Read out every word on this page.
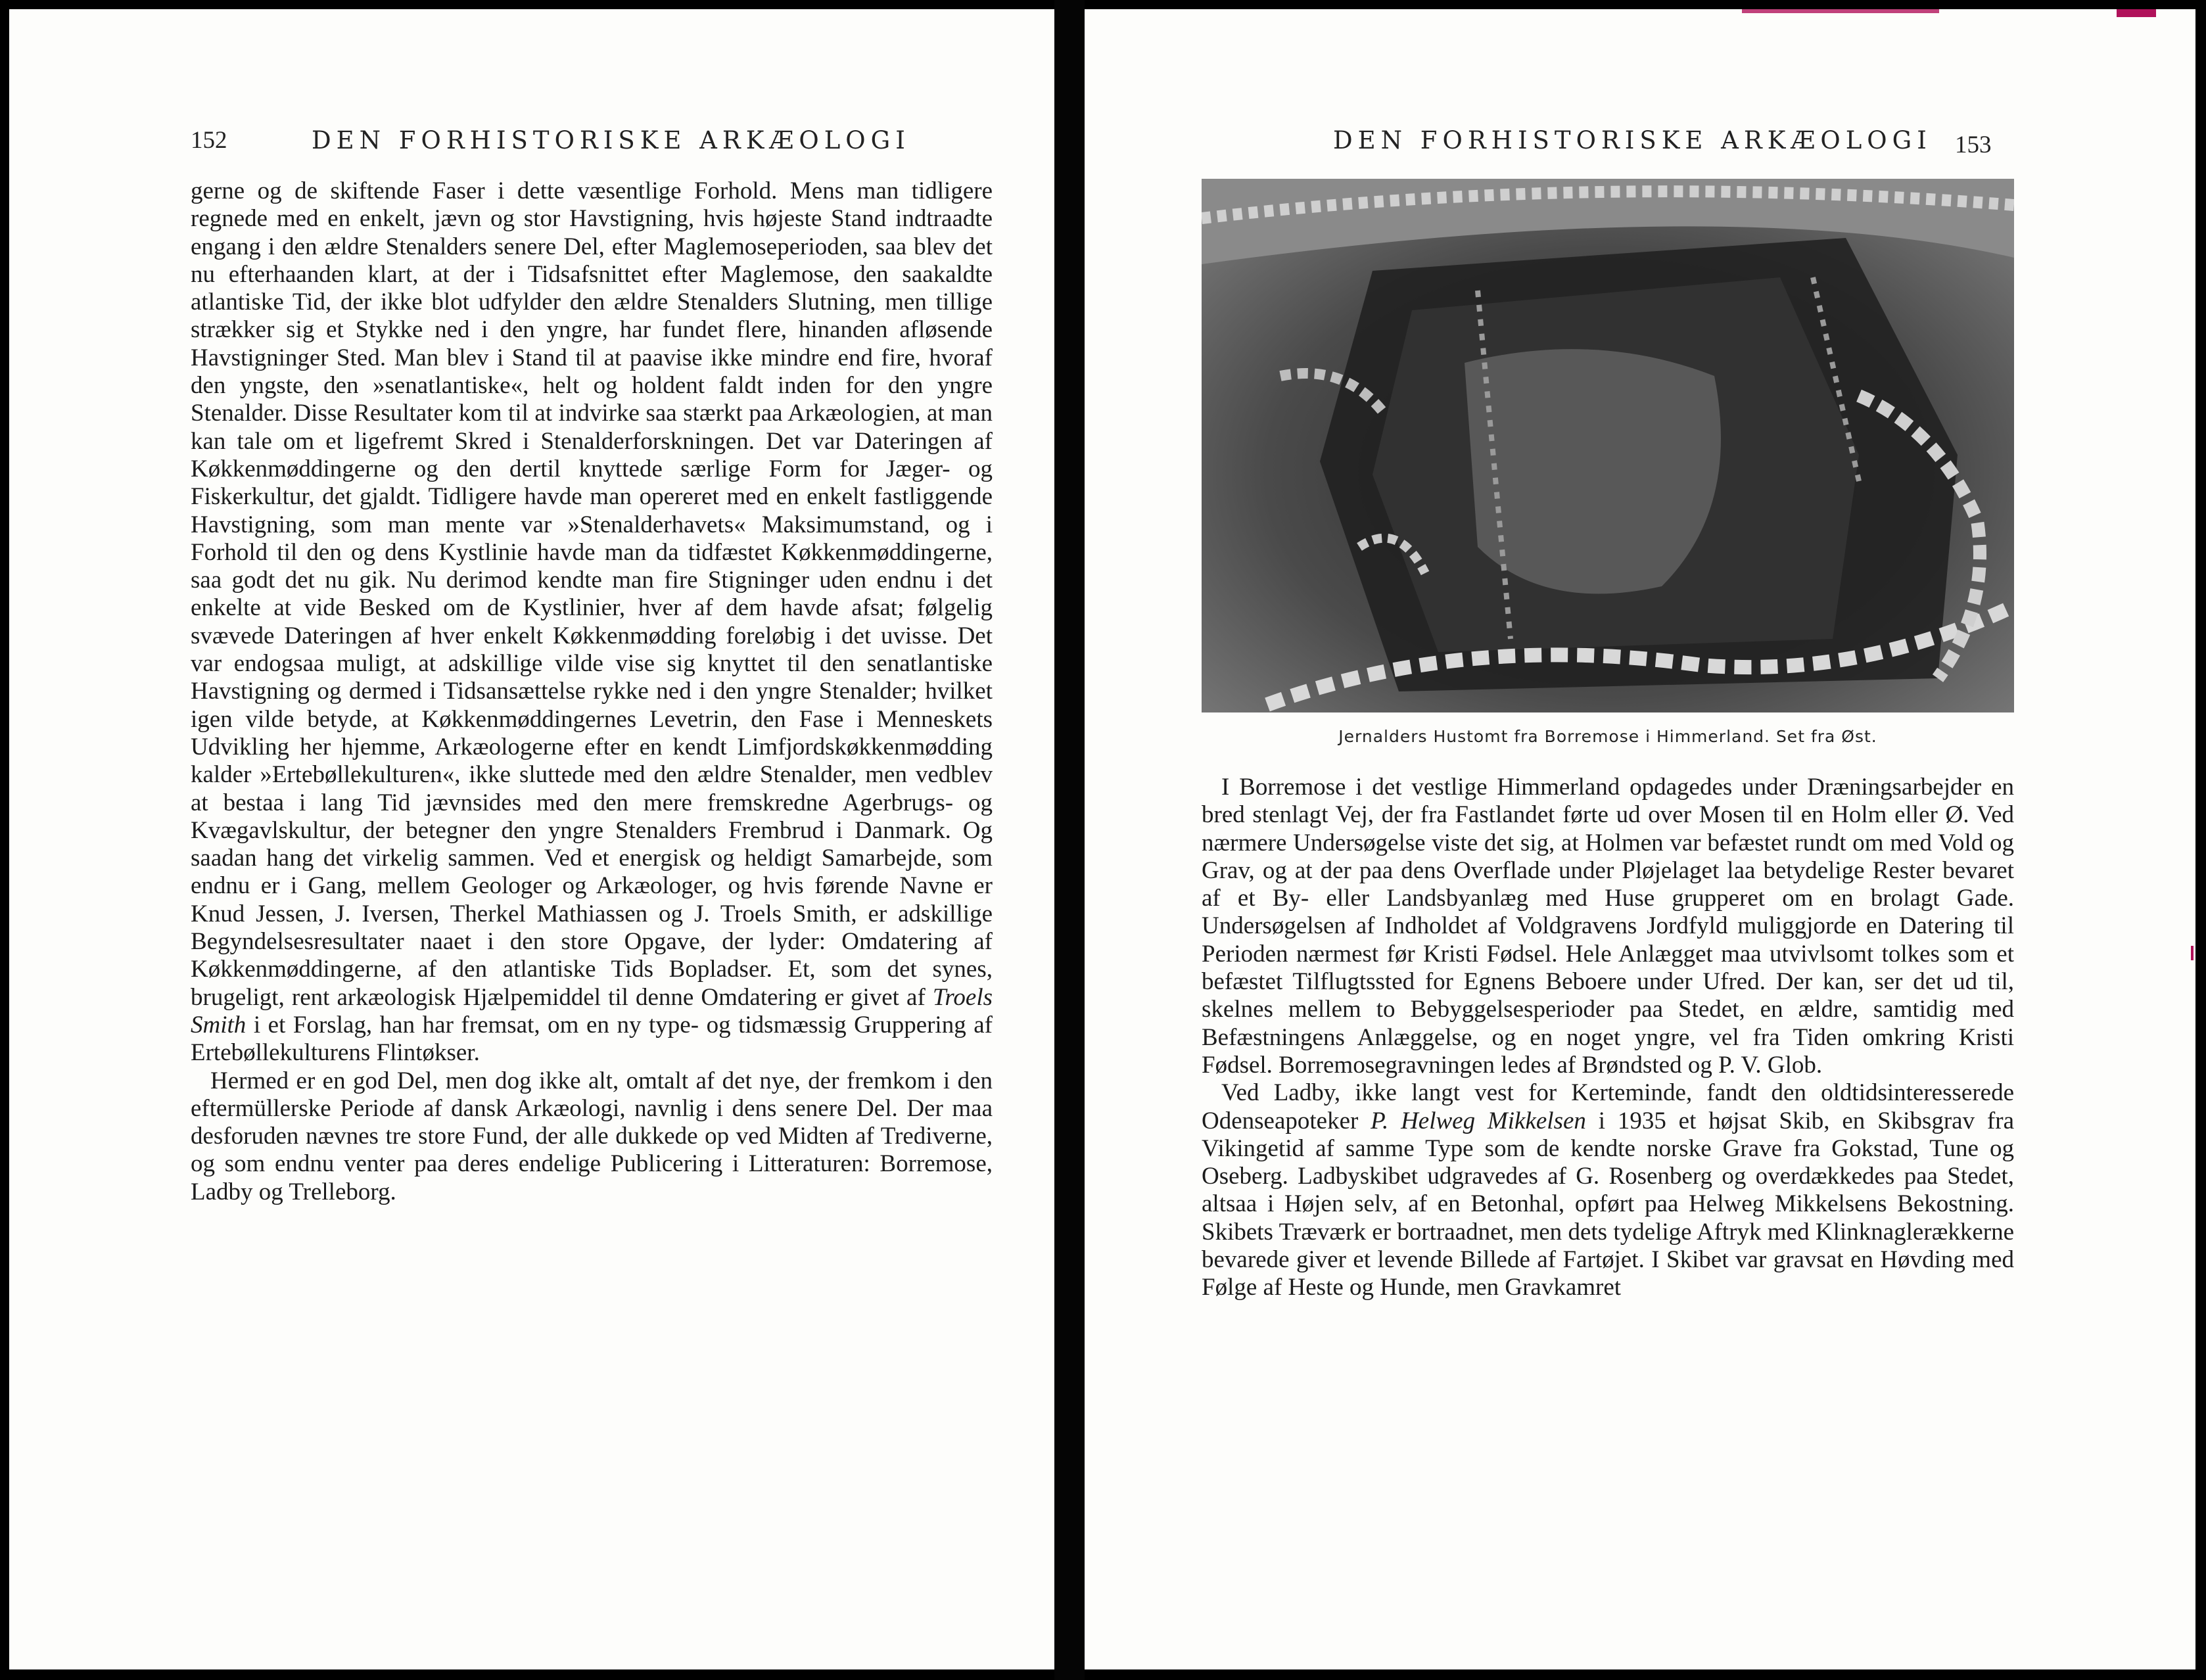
152	DEN FORHISTORISKE ARKÆOLOGI

gerne og de skiftende Faser i dette væsentlige Forhold. Mens man tidligere regnede med en enkelt, jævn og stor Havstigning, hvis højeste Stand indtraadte engang i den ældre Stenalders senere Del, efter Maglemoseperioden, saa blev det nu efterhaanden klart, at der i Tidsafsnittet efter Maglemose, den saakaldte atlantiske Tid, der ikke blot udfylder den ældre Stenalders Slutning, men tillige strækker sig et Stykke ned i den yngre, har fundet flere, hinanden afløsende Havstigninger Sted. Man blev i Stand til at paavise ikke mindre end fire, hvoraf den yngste, den »senatlantiske«, helt og holdent faldt inden for den yngre Stenalder. Disse Resultater kom til at indvirke saa stærkt paa Arkæologien, at man kan tale om et ligefremt Skred i Stenalderforskningen. Det var Dateringen af Køkkenmøddingerne og den dertil knyttede særlige Form for Jæger- og Fiskerkultur, det gjaldt. Tidligere havde man opereret med en enkelt fastliggende Havstigning, som man mente var »Stenalderhavets« Maksimumstand, og i Forhold til den og dens Kystlinie havde man da tidfæstet Køkkenmøddingerne, saa godt det nu gik. Nu derimod kendte man fire Stigninger uden endnu i det enkelte at vide Besked om de Kystlinier, hver af dem havde afsat; følgelig svævede Dateringen af hver enkelt Køkkenmødding foreløbig i det uvisse. Det var endogsaa muligt, at adskillige vilde vise sig knyttet til den senatlantiske Havstigning og dermed i Tidsansættelse rykke ned i den yngre Stenalder; hvilket igen vilde betyde, at Køkkenmøddingernes Levetrin, den Fase i Menneskets Udvikling her hjemme, Arkæologerne efter en kendt Limfjordskøkkenmødding kalder »Ertebøllekulturen«, ikke sluttede med den ældre Stenalder, men vedblev at bestaa i lang Tid jævnsides med den mere fremskredne Agerbrugs- og Kvægavlskultur, der betegner den yngre Stenalders Frembrud i Danmark. Og saadan hang det virkelig sammen. Ved et energisk og heldigt Samarbejde, som endnu er i Gang, mellem Geologer og Arkæologer, og hvis førende Navne er Knud Jessen, J. Iversen, Therkel Mathiassen og J. Troels Smith, er adskillige Begyndelsesresultater naaet i den store Opgave, der lyder: Omdatering af Køkkenmøddingerne, af den atlantiske Tids Bopladser. Et, som det synes, brugeligt, rent arkæologisk Hjælpemiddel til denne Omdatering er givet af Troels Smith i et Forslag, han har fremsat, om en ny type- og tidsmæssig Gruppering af Ertebøllekulturens Flintøkser.

Hermed er en god Del, men dog ikke alt, omtalt af det nye, der fremkom i den eftermüllerske Periode af dansk Arkæologi, navnlig i dens senere Del. Der maa desforuden nævnes tre store Fund, der alle dukkede op ved Midten af Trediverne, og som endnu venter paa deres endelige Publicering i Litteraturen: Borremose, Ladby og Trelleborg.

DEN FORHISTORISKE ARKÆOLOGI 153
Jernalders Hustomt fra Borremose i Himmerland. Set fra Øst.

I Borremose i det vestlige Himmerland opdagedes under Dræningsarbejder en bred stenlagt Vej, der fra Fastlandet førte ud over Mosen til en Holm eller Ø. Ved nærmere Undersøgelse viste det sig, at Holmen var befæstet rundt om med Vold og Grav, og at der paa dens Overflade under Pløjelaget laa betydelige Rester bevaret af et By- eller Landsbyanlæg med Huse grupperet om en brolagt Gade. Undersøgelsen af Indholdet af Voldgravens Jordfyld muliggjorde en Datering til Perioden nærmest før Kristi Fødsel. Hele Anlægget maa utvivlsomt tolkes som et befæstet Tilflugtssted for Egnens Beboere under Ufred. Der kan, ser det ud til, skelnes mellem to Bebyggelsesperioder paa Stedet, en ældre, samtidig med Befæstningens Anlæggelse, og en noget yngre, vel fra Tiden omkring Kristi Fødsel. Borremosegravningen ledes af Brøndsted og P. V. Glob.

Ved Ladby, ikke langt vest for Kerteminde, fandt den oldtidsinteresserede Odenseapoteker P. Helweg Mikkelsen i 1935 et højsat Skib, en Skibsgrav fra Vikingetid af samme Type som de kendte norske Grave fra Gokstad, Tune og Oseberg. Ladbyskibet udgravedes af G. Rosenberg og overdækkedes paa Stedet, altsaa i Højen selv, af en Betonhal, opført paa Helweg Mikkelsens Bekostning. Skibets Træværk er bortraadnet, men dets tydelige Aftryk med Klinknaglerækkerne bevarede giver et levende Billede af Fartøjet. I Skibet var gravsat en Høvding med Følge af Heste og Hunde, men Gravkamret
